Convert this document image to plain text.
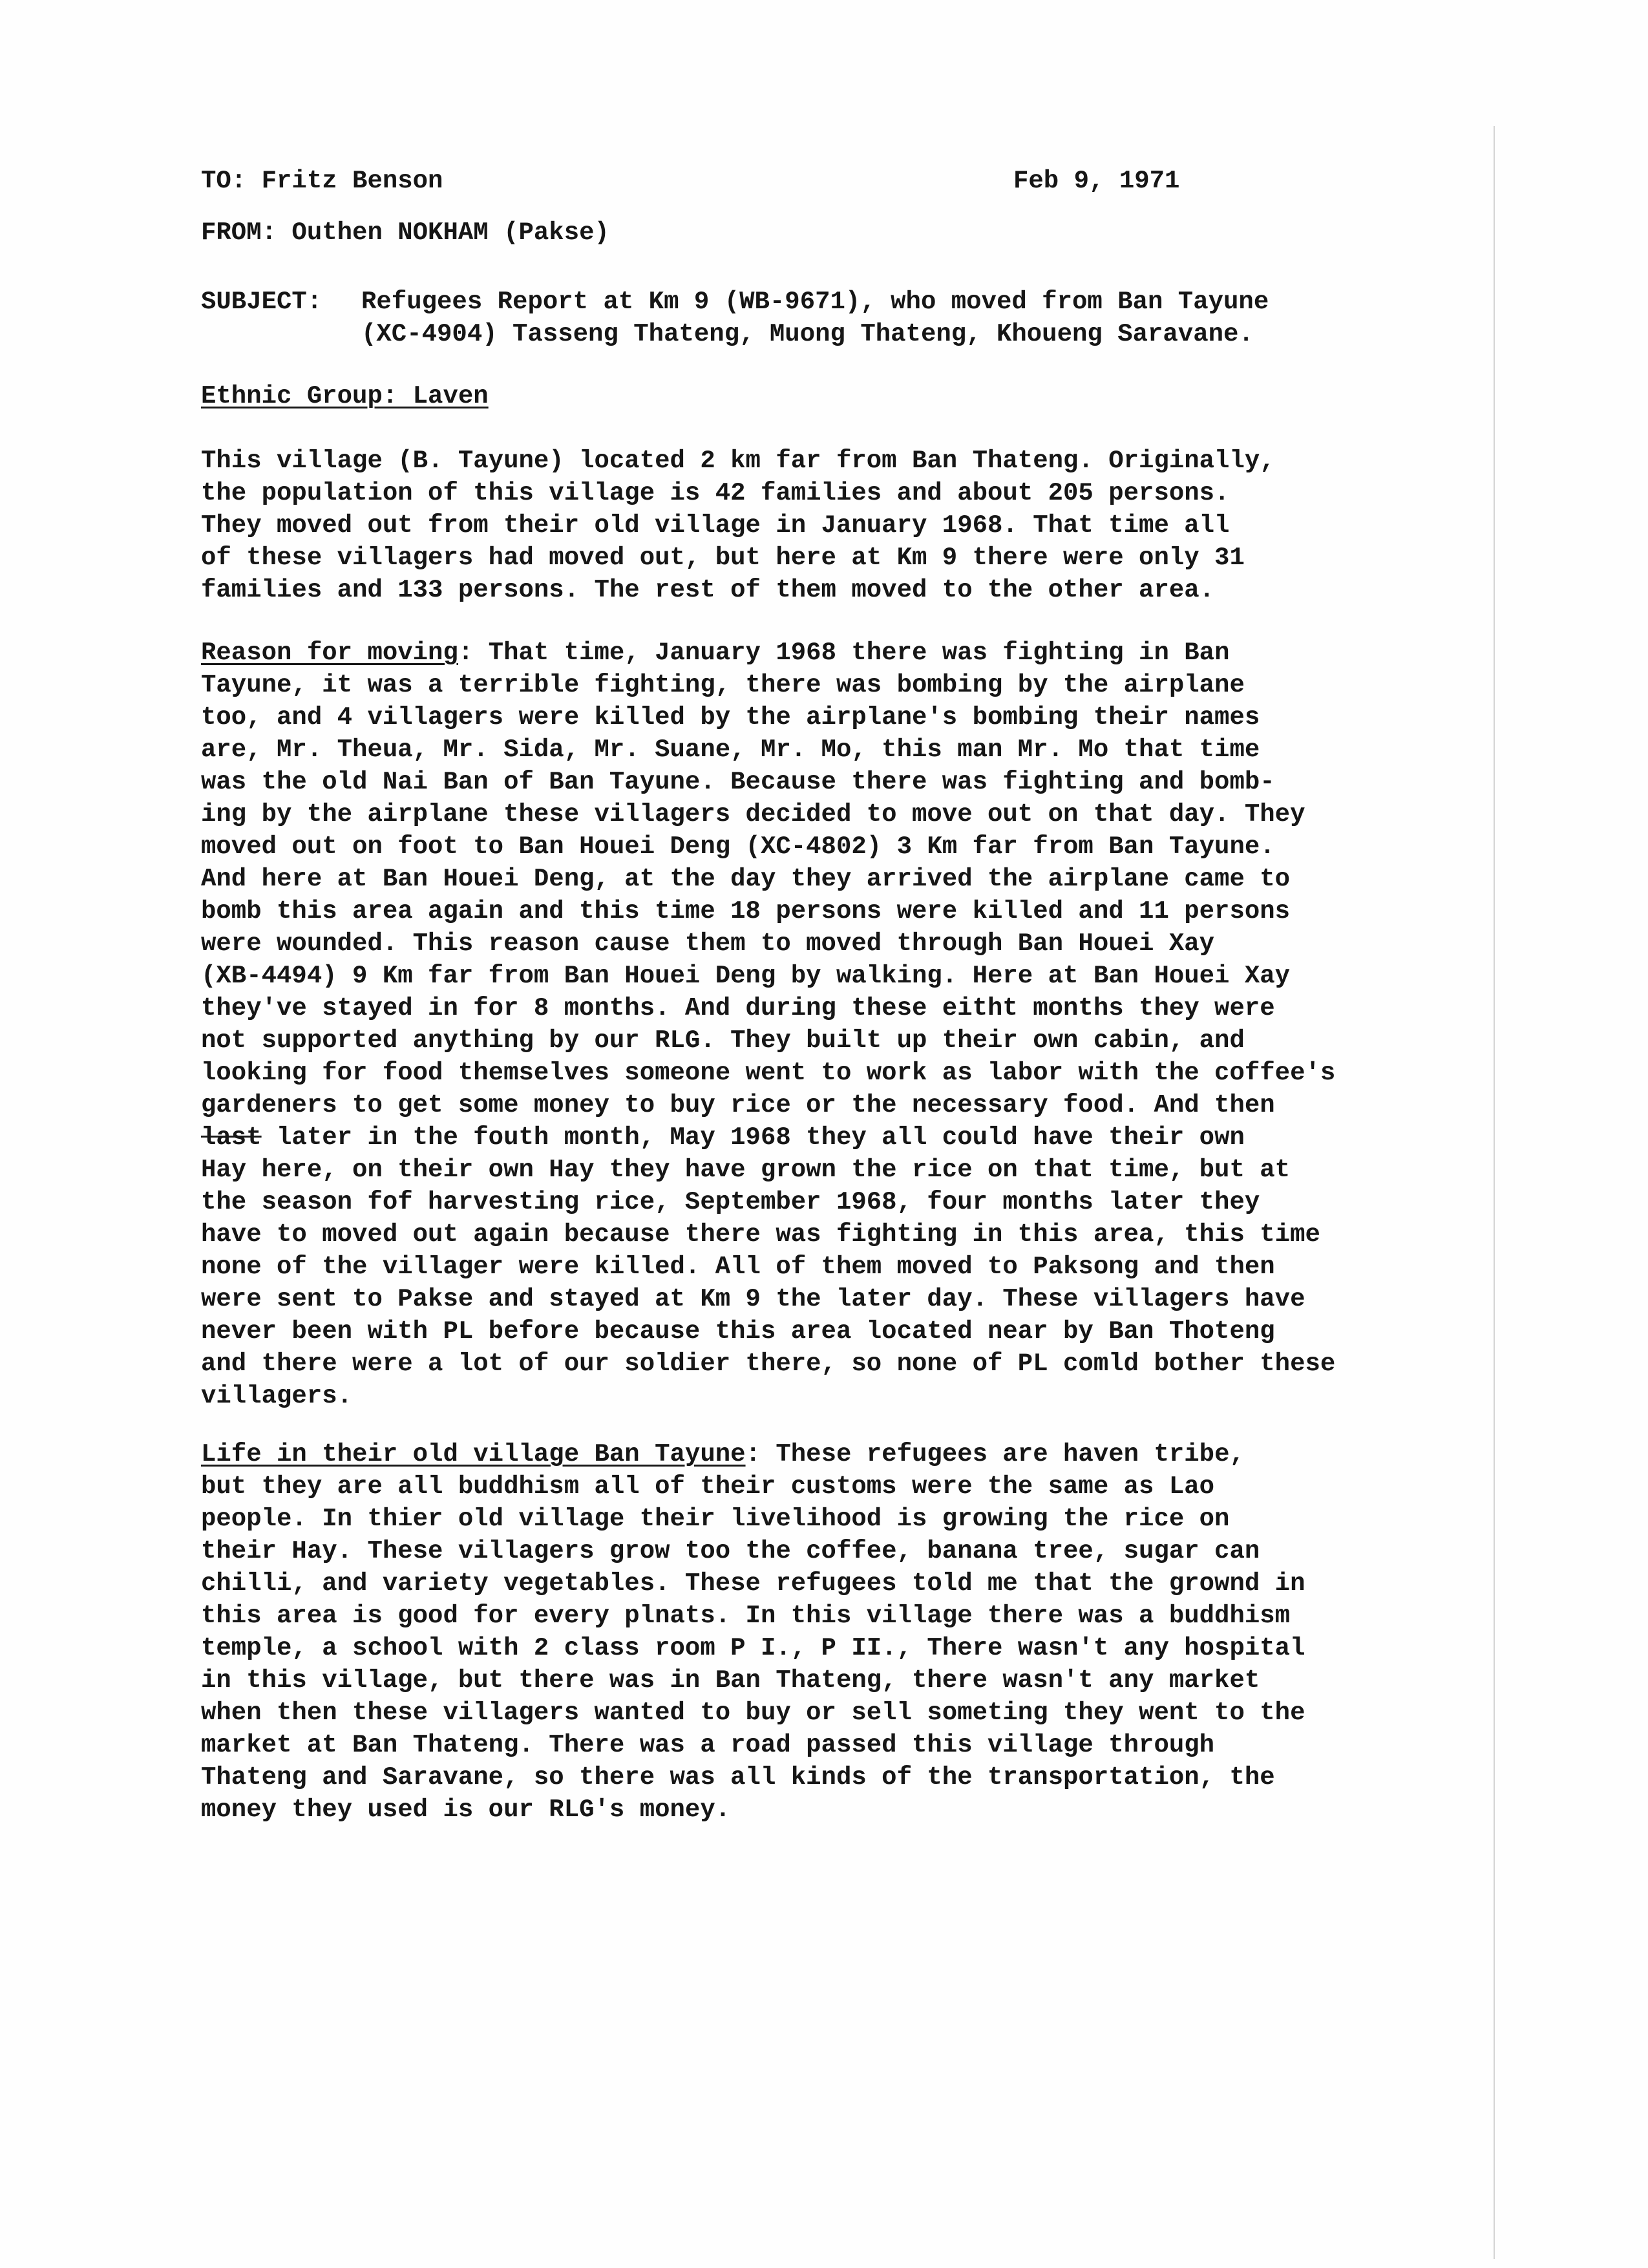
TO: Fritz Benson	Feb 9, 1971
FROM: Outhen NOKHAM (Pakse)
SUBJECT: Refugees Report at Km 9 (WB-9671), who moved from Ban Tayune
(XC-4904) Tasseng Thateng, Muong Thateng, Khoueng Saravane.
Ethnic Group: Laven
This village (B. Tayune) located 2 km far from Ban Thateng. Originally,
the population of this village is 42 families and about 205 persons.
They moved out from their old village in January 1968. That time all
of these villagers had moved out, but here at Km 9 there were only 31
families and 133 persons. The rest of them moved to the other area.
Reason for moving: That time, January 1968 there was fighting in Ban
Tayune, it was a terrible fighting, there was bombing by the airplane
too, and 4 villagers were killed by the airplane's bombing their names
are, Mr. Theua, Mr. Sida, Mr. Suane, Mr. Mo, this man Mr. Mo that time
was the old Nai Ban of Ban Tayune. Because there was fighting and bomb-
ing by the airplane these villagers decided to move out on that day. They
moved out on foot to Ban Houei Deng (XC-4802) 3 Km far from Ban Tayune.
And here at Ban Houei Deng, at the day they arrived the airplane came to
bomb this area again and this time 18 persons were killed and 11 persons
were wounded. This reason cause them to moved through Ban Houei Xay
(XB-4494) 9 Km far from Ban Houei Deng by walking. Here at Ban Houei Xay
they've stayed in for 8 months. And during these eitht months they were
not supported anything by our RLG. They built up their own cabin, and
looking for food themselves someone went to work as labor with the coffee's
gardeners to get some money to buy rice or the necessary food. And then
last later in the fouth month, May 1968 they all could have their own
Hay here, on their own Hay they have grown the rice on that time, but at
the season fof harvesting rice, September 1968, four months later they
have to moved out again because there was fighting in this area, this time
none of the villager were killed. All of them moved to Paksong and then
were sent to Pakse and stayed at Km 9 the later day. These villagers have
never been with PL before because this area located near by Ban Thoteng
and there were a lot of our soldier there, so none of PL comld bother these
villagers.
Life in their old village Ban Tayune: These refugees are haven tribe,
but they are all buddhism all of their customs were the same as Lao
people. In thier old village their livelihood is growing the rice on
their Hay. These villagers grow too the coffee, banana tree, sugar can
chilli, and variety vegetables. These refugees told me that the grownd in
this area is good for every plnats. In this village there was a buddhism
temple, a school with 2 class room P I., P II., There wasn't any hospital
in this village, but there was in Ban Thateng, there wasn't any market
when then these villagers wanted to buy or sell someting they went to the
market at Ban Thateng. There was a road passed this village through
Thateng and Saravane, so there was all kinds of the transportation, the
money they used is our RLG's money.
